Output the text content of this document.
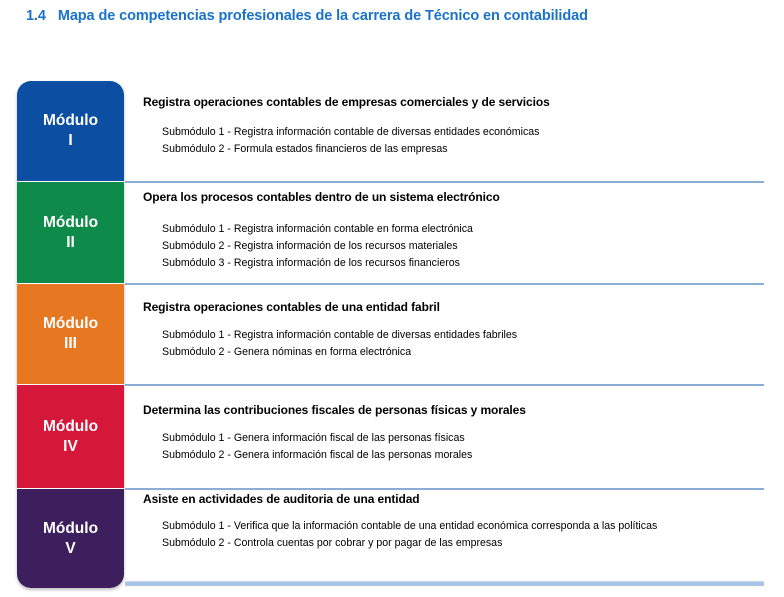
1.4 Mapa de competencias profesionales de la carrera de Técnico en contabilidad
Módulo
I
Módulo
II
Módulo
III
Módulo
IV
Módulo
V
Registra operaciones contables de empresas comerciales y de servicios
Submódulo 1 - Registra información contable de diversas entidades económicas
Submódulo 2 - Formula estados financieros de las empresas
Opera los procesos contables dentro de un sistema electrónico
Submódulo 1 - Registra información contable en forma electrónica
Submódulo 2 - Registra información de los recursos materiales
Submódulo 3 - Registra información de los recursos financieros
Registra operaciones contables de una entidad fabril
Submódulo 1 - Registra información contable de diversas entidades fabriles
Submódulo 2 - Genera nóminas en forma electrónica
Determina las contribuciones fiscales de personas físicas y morales
Submódulo 1 - Genera información fiscal de las personas físicas
Submódulo 2 - Genera información fiscal de las personas morales
Asiste en actividades de auditoria de una entidad
Submódulo 1 - Verifica que la información contable de una entidad económica corresponda a las políticas
Submódulo 2 - Controla cuentas por cobrar y por pagar de las empresas
